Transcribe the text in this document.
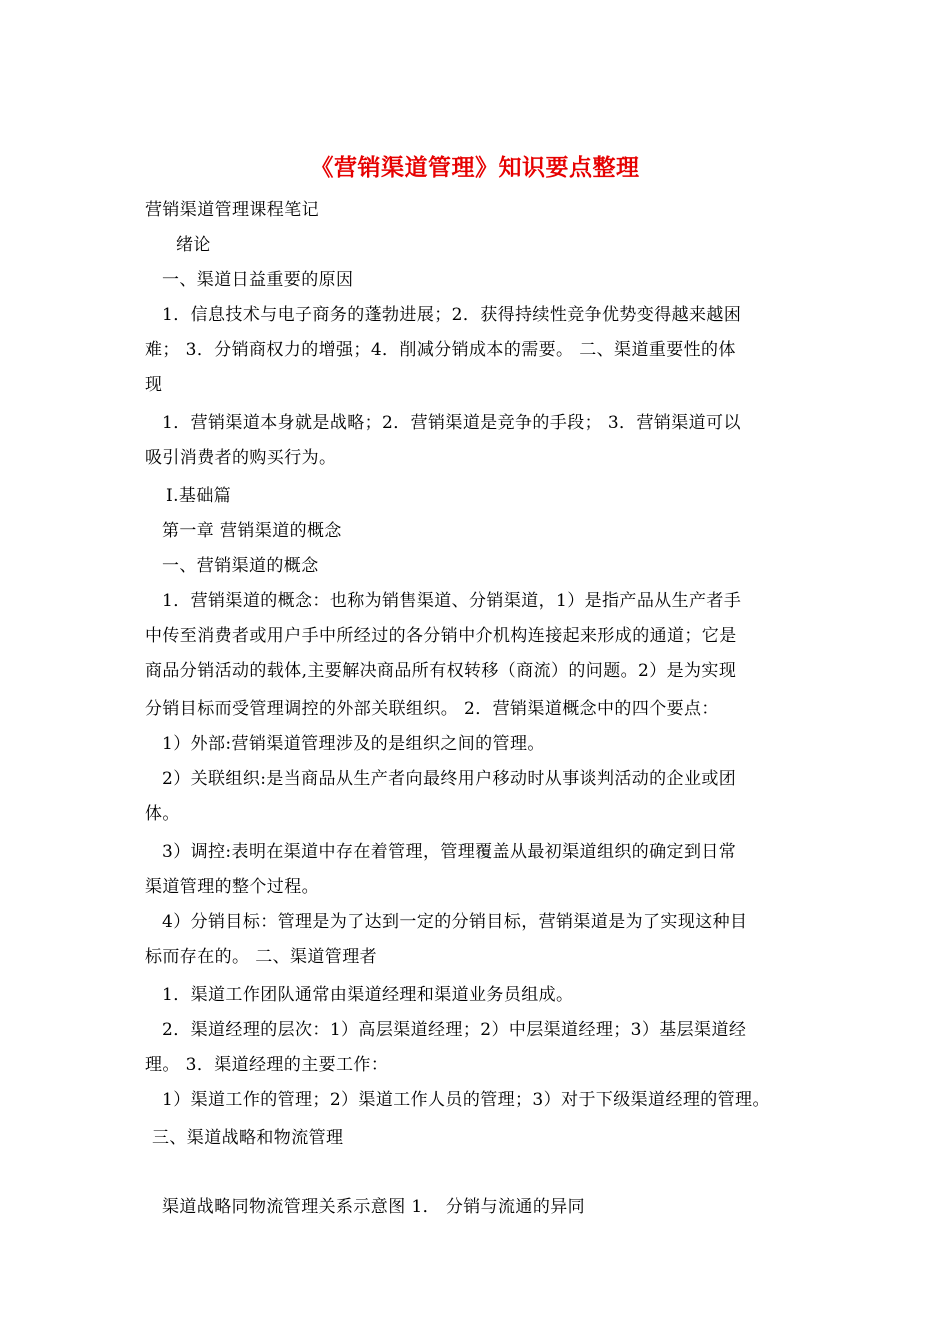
《营销渠道管理》知识要点整理
营销渠道管理课程笔记
绪论
一、渠道日益重要的原因
1．信息技术与电子商务的蓬勃进展；2．获得持续性竞争优势变得越来越困
难； 3．分销商权力的增强；4．削减分销成本的需要。 二、渠道重要性的体
现
1．营销渠道本身就是战略；2．营销渠道是竞争的手段； 3．营销渠道可以
吸引消费者的购买行为。
Ⅰ.基础篇
第一章 营销渠道的概念
一、营销渠道的概念
1．营销渠道的概念：也称为销售渠道、分销渠道，1）是指产品从生产者手
中传至消费者或用户手中所经过的各分销中介机构连接起来形成的通道；它是
商品分销活动的载体,主要解决商品所有权转移（商流）的问题。2）是为实现
分销目标而受管理调控的外部关联组织。 2．营销渠道概念中的四个要点：
1）外部:营销渠道管理涉及的是组织之间的管理。
2）关联组织:是当商品从生产者向最终用户移动时从事谈判活动的企业或团
体。
3）调控:表明在渠道中存在着管理，管理覆盖从最初渠道组织的确定到日常
渠道管理的整个过程。
4）分销目标：管理是为了达到一定的分销目标，营销渠道是为了实现这种目
标而存在的。 二、渠道管理者
1．渠道工作团队通常由渠道经理和渠道业务员组成。
2．渠道经理的层次：1）高层渠道经理；2）中层渠道经理；3）基层渠道经
理。 3．渠道经理的主要工作：
1）渠道工作的管理；2）渠道工作人员的管理；3）对于下级渠道经理的管理。
三、渠道战略和物流管理
渠道战略同物流管理关系示意图 1． 分销与流通的异同
